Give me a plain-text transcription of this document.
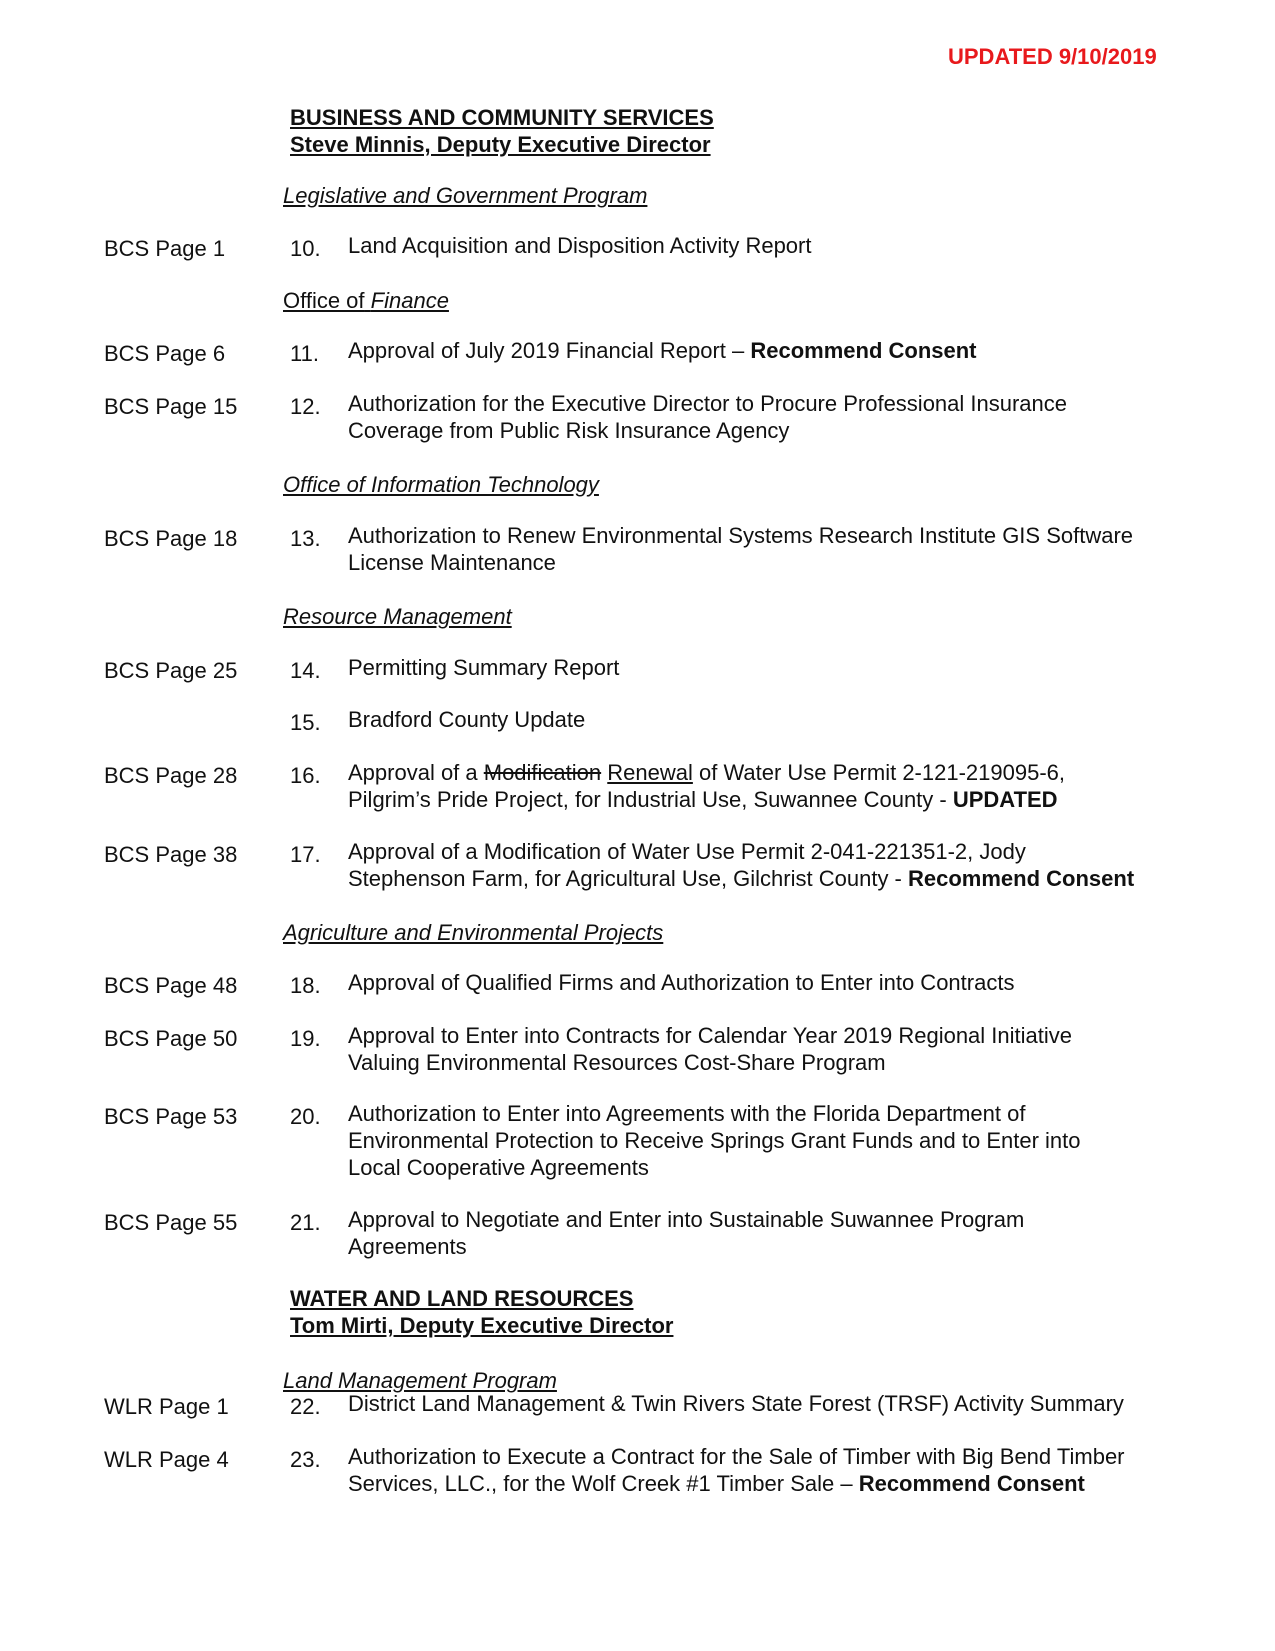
UPDATED 9/10/2019
BUSINESS AND COMMUNITY SERVICES
Steve Minnis, Deputy Executive Director
Legislative and Government Program
BCS Page 1	10. Land Acquisition and Disposition Activity Report
Office of Finance
BCS Page 6	11. Approval of July 2019 Financial Report – Recommend Consent
BCS Page 15 12. Authorization for the Executive Director to Procure Professional Insurance
Coverage from Public Risk Insurance Agency
Office of Information Technology
BCS Page 18 13. Authorization to Renew Environmental Systems Research Institute GIS Software
License Maintenance
Resource Management
BCS Page 25 14. Permitting Summary Report
15. Bradford County Update
BCS Page 28 16. Approval of a Modification Renewal of Water Use Permit 2-121-219095-6,
Pilgrim’s Pride Project, for Industrial Use, Suwannee County - UPDATED
BCS Page 38 17. Approval of a Modification of Water Use Permit 2-041-221351-2, Jody
Stephenson Farm, for Agricultural Use, Gilchrist County - Recommend Consent
Agriculture and Environmental Projects
BCS Page 48 18. Approval of Qualified Firms and Authorization to Enter into Contracts
BCS Page 50 19. Approval to Enter into Contracts for Calendar Year 2019 Regional Initiative
Valuing Environmental Resources Cost-Share Program
BCS Page 53 20. Authorization to Enter into Agreements with the Florida Department of
Environmental Protection to Receive Springs Grant Funds and to Enter into
Local Cooperative Agreements
BCS Page 55 21. Approval to Negotiate and Enter into Sustainable Suwannee Program
Agreements
WATER AND LAND RESOURCES
Tom Mirti, Deputy Executive Director
Land Management Program
WLR Page 1	22. District Land Management & Twin Rivers State Forest (TRSF) Activity Summary
WLR Page 4	23. Authorization to Execute a Contract for the Sale of Timber with Big Bend Timber
Services, LLC., for the Wolf Creek #1 Timber Sale – Recommend Consent
